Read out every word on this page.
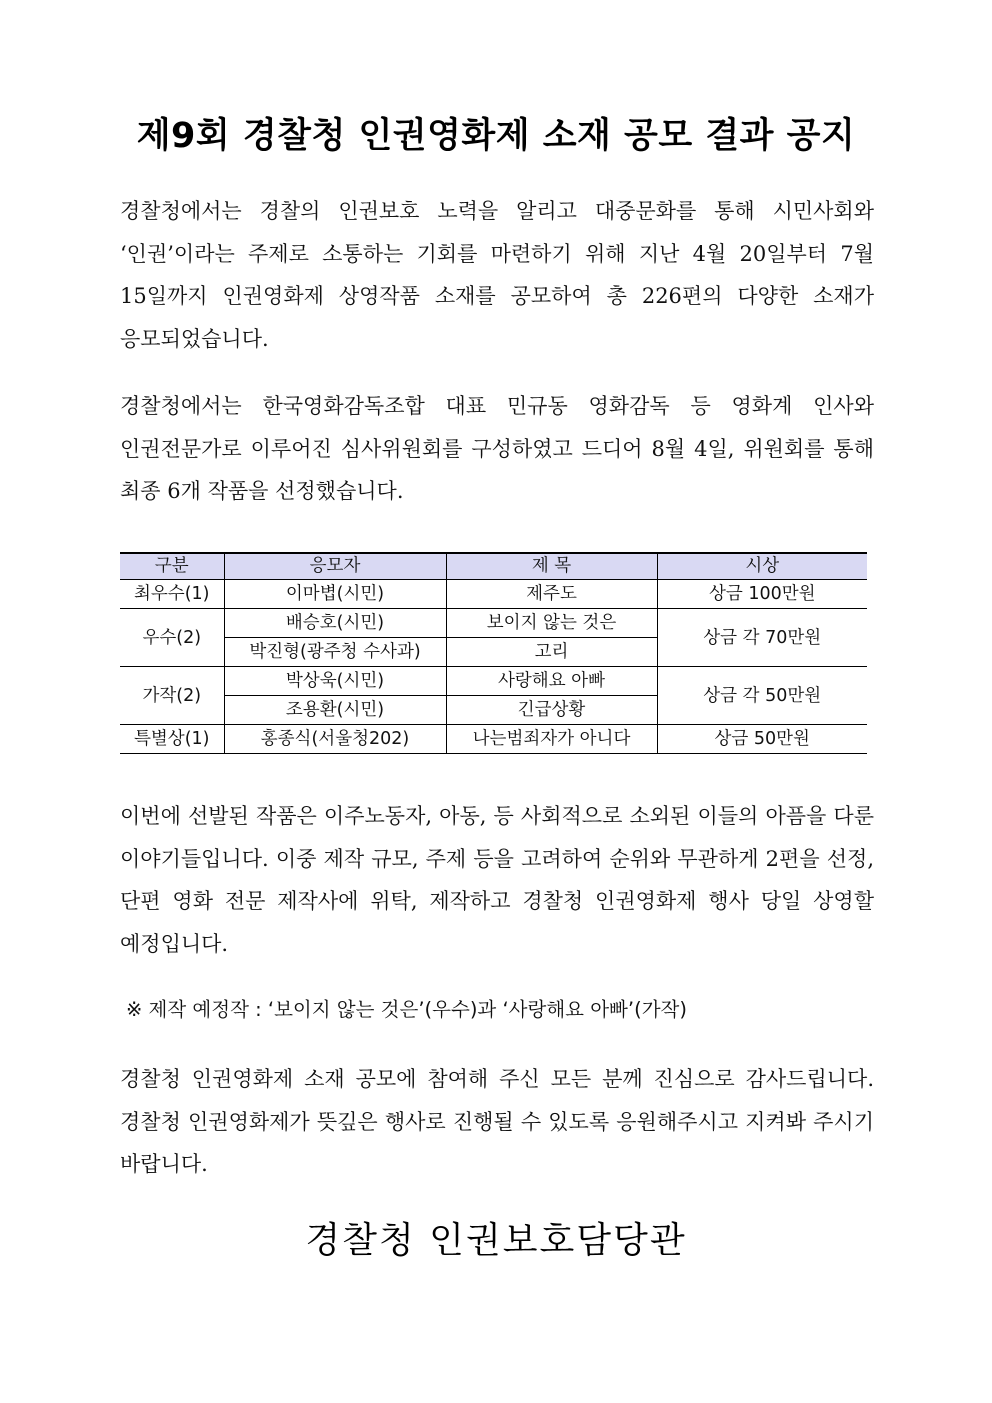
제9회 경찰청 인권영화제 소재 공모 결과 공지
경찰청에서는 경찰의 인권보호 노력을 알리고 대중문화를 통해 시민사회와 ‘인권’이라는 주제로 소통하는 기회를 마련하기 위해 지난 4월 20일부터 7월 15일까지 인권영화제 상영작품 소재를 공모하여 총 226편의 다양한 소재가 응모되었습니다.
경찰청에서는 한국영화감독조합 대표 민규동 영화감독 등 영화계 인사와 인권전문가로 이루어진 심사위원회를 구성하였고 드디어 8월 4일, 위원회를 통해 최종 6개 작품을 선정했습니다.
구분	응모자	제 목	시상
최우수(1)	이마볍(시민)	제주도	상금 100만원
우수(2)	배승호(시민)	보이지 않는 것은	상금 각 70만원
	박진형(광주청 수사과)	고리	
가작(2)	박상욱(시민)	사랑해요 아빠	상금 각 50만원
	조용환(시민)	긴급상황	
특별상(1)	홍종식(서울청202)	나는범죄자가 아니다	상금 50만원
이번에 선발된 작품은 이주노동자, 아동, 등 사회적으로 소외된 이들의 아픔을 다룬 이야기들입니다. 이중 제작 규모, 주제 등을 고려하여 순위와 무관하게 2편을 선정, 단편 영화 전문 제작사에 위탁, 제작하고 경찰청 인권영화제 행사 당일 상영할 예정입니다.
※ 제작 예정작 : ‘보이지 않는 것은’(우수)과 ‘사랑해요 아빠’(가작)
경찰청 인권영화제 소재 공모에 참여해 주신 모든 분께 진심으로 감사드립니다. 경찰청 인권영화제가 뜻깊은 행사로 진행될 수 있도록 응원해주시고 지켜봐 주시기 바랍니다.
경찰청 인권보호담당관
